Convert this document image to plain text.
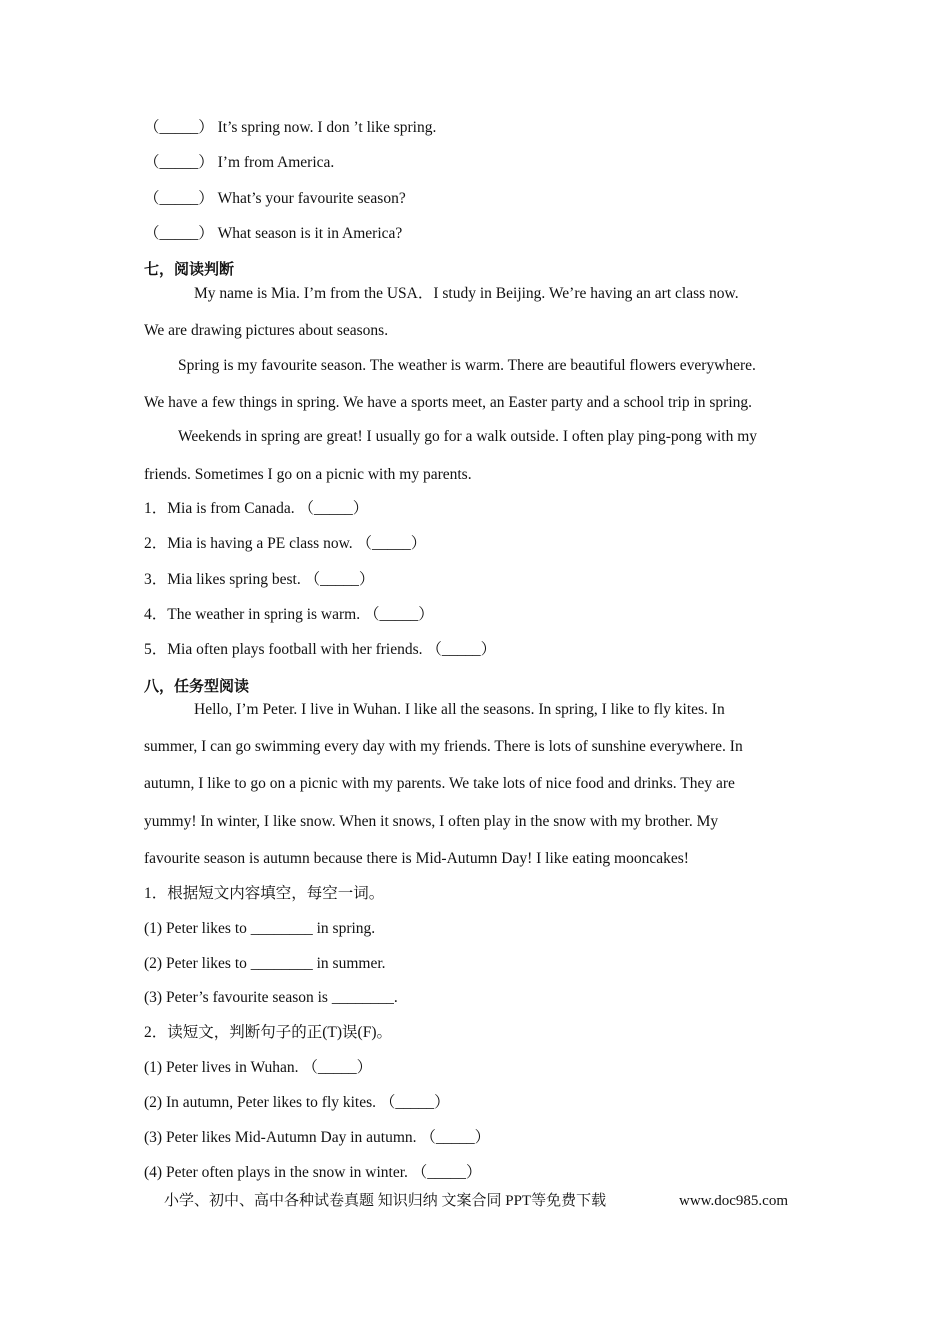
（_____） It’s spring now. I don ’t like spring.
（_____） I’m from America.
（_____） What’s your favourite season?
（_____） What season is it in America?
七，阅读判断
My name is Mia. I’m from the USA．I study in Beijing. We’re having an art class now.
We are drawing pictures about seasons.
Spring is my favourite season. The weather is warm. There are beautiful flowers everywhere.
We have a few things in spring. We have a sports meet, an Easter party and a school trip in spring.
Weekends in spring are great! I usually go for a walk outside. I often play ping-pong with my
friends. Sometimes I go on a picnic with my parents.
1．Mia is from Canada. （_____）
2．Mia is having a PE class now. （_____）
3．Mia likes spring best. （_____）
4．The weather in spring is warm. （_____）
5．Mia often plays football with her friends. （_____）
八，任务型阅读
Hello, I’m Peter. I live in Wuhan. I like all the seasons. In spring, I like to fly kites. In
summer, I can go swimming every day with my friends. There is lots of sunshine everywhere. In
autumn, I like to go on a picnic with my parents. We take lots of nice food and drinks. They are
yummy! In winter, I like snow. When it snows, I often play in the snow with my brother. My
favourite season is autumn because there is Mid-Autumn Day! I like eating mooncakes!
1．根据短文内容填空，每空一词。
(1) Peter likes to ________ in spring.
(2) Peter likes to ________ in summer.
(3) Peter’s favourite season is ________.
2．读短文，判断句子的正(T)误(F)。
(1) Peter lives in Wuhan. （_____）
(2) In autumn, Peter likes to fly kites. （_____）
(3) Peter likes Mid-Autumn Day in autumn. （_____）
(4) Peter often plays in the snow in winter. （_____）
小学、初中、高中各种试卷真题 知识归纳 文案合同 PPT等免费下载	www.doc985.com
